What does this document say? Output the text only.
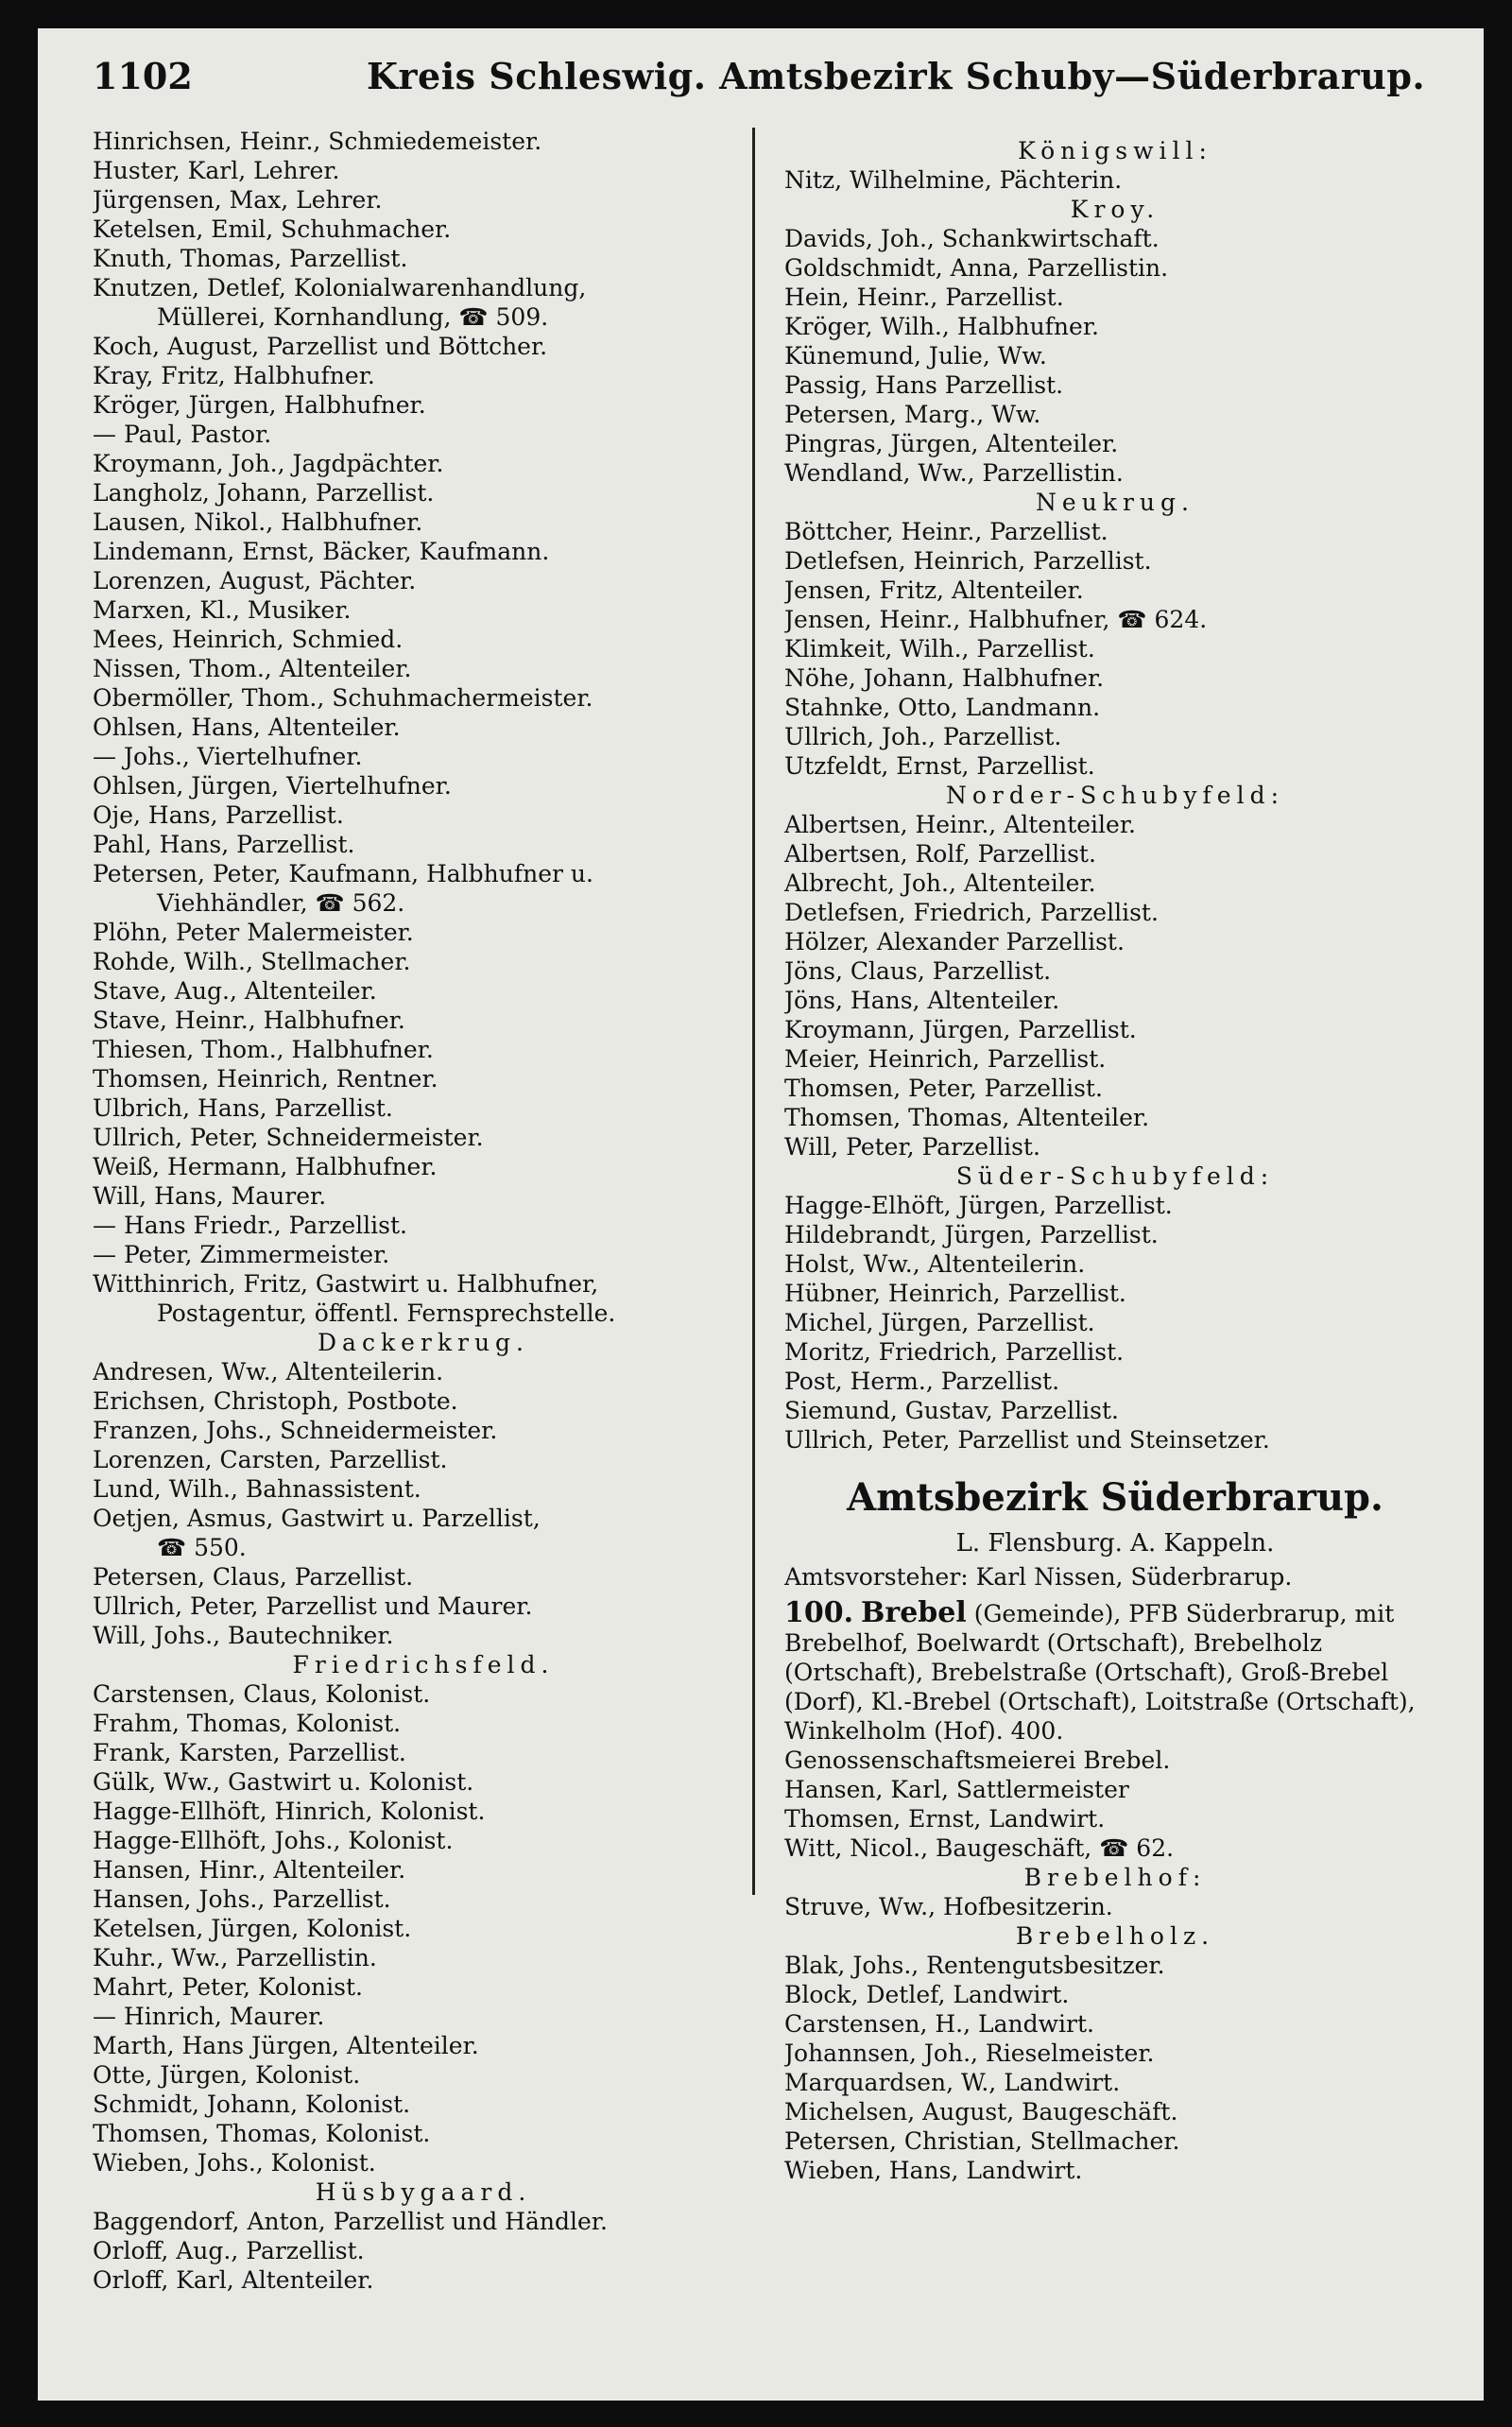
1102	Kreis Schleswig. Amtsbezirk Schuby—Süderbrarup.
Hinrichsen, Heinr., Schmiedemeister.
Huster, Karl, Lehrer.
Jürgensen, Max, Lehrer.
Ketelsen, Emil, Schuhmacher.
Knuth, Thomas, Parzellist.
Knutzen, Detlef, Kolonialwarenhandlung,
Müllerei, Kornhandlung, ☎ 509.
Koch, August, Parzellist und Böttcher.
Kray, Fritz, Halbhufner.
Kröger, Jürgen, Halbhufner.
— Paul, Pastor.
Kroymann, Joh., Jagdpächter.
Langholz, Johann, Parzellist.
Lausen, Nikol., Halbhufner.
Lindemann, Ernst, Bäcker, Kaufmann.
Lorenzen, August, Pächter.
Marxen, Kl., Musiker.
Mees, Heinrich, Schmied.
Nissen, Thom., Altenteiler.
Obermöller, Thom., Schuhmachermeister.
Ohlsen, Hans, Altenteiler.
— Johs., Viertelhufner.
Ohlsen, Jürgen, Viertelhufner.
Oje, Hans, Parzellist.
Pahl, Hans, Parzellist.
Petersen, Peter, Kaufmann, Halbhufner u.
Viehhändler, ☎ 562.
Plöhn, Peter Malermeister.
Rohde, Wilh., Stellmacher.
Stave, Aug., Altenteiler.
Stave, Heinr., Halbhufner.
Thiesen, Thom., Halbhufner.
Thomsen, Heinrich, Rentner.
Ulbrich, Hans, Parzellist.
Ullrich, Peter, Schneidermeister.
Weiß, Hermann, Halbhufner.
Will, Hans, Maurer.
— Hans Friedr., Parzellist.
— Peter, Zimmermeister.
Witthinrich, Fritz, Gastwirt u. Halbhufner,
Postagentur, öffentl. Fernsprechstelle.
Dackerkrug.
Andresen, Ww., Altenteilerin.
Erichsen, Christoph, Postbote.
Franzen, Johs., Schneidermeister.
Lorenzen, Carsten, Parzellist.
Lund, Wilh., Bahnassistent.
Oetjen, Asmus, Gastwirt u. Parzellist,
☎ 550.
Petersen, Claus, Parzellist.
Ullrich, Peter, Parzellist und Maurer.
Will, Johs., Bautechniker.
Friedrichsfeld.
Carstensen, Claus, Kolonist.
Frahm, Thomas, Kolonist.
Frank, Karsten, Parzellist.
Gülk, Ww., Gastwirt u. Kolonist.
Hagge-Ellhöft, Hinrich, Kolonist.
Hagge-Ellhöft, Johs., Kolonist.
Hansen, Hinr., Altenteiler.
Hansen, Johs., Parzellist.
Ketelsen, Jürgen, Kolonist.
Kuhr., Ww., Parzellistin.
Mahrt, Peter, Kolonist.
— Hinrich, Maurer.
Marth, Hans Jürgen, Altenteiler.
Otte, Jürgen, Kolonist.
Schmidt, Johann, Kolonist.
Thomsen, Thomas, Kolonist.
Wieben, Johs., Kolonist.
Hüsbygaard.
Baggendorf, Anton, Parzellist und Händler.
Orloff, Aug., Parzellist.
Orloff, Karl, Altenteiler.
Königswill:
Nitz, Wilhelmine, Pächterin.
Kroy.
Davids, Joh., Schankwirtschaft.
Goldschmidt, Anna, Parzellistin.
Hein, Heinr., Parzellist.
Kröger, Wilh., Halbhufner.
Künemund, Julie, Ww.
Passig, Hans Parzellist.
Petersen, Marg., Ww.
Pingras, Jürgen, Altenteiler.
Wendland, Ww., Parzellistin.
Neukrug.
Böttcher, Heinr., Parzellist.
Detlefsen, Heinrich, Parzellist.
Jensen, Fritz, Altenteiler.
Jensen, Heinr., Halbhufner, ☎ 624.
Klimkeit, Wilh., Parzellist.
Nöhe, Johann, Halbhufner.
Stahnke, Otto, Landmann.
Ullrich, Joh., Parzellist.
Utzfeldt, Ernst, Parzellist.
Norder-Schubyfeld:
Albertsen, Heinr., Altenteiler.
Albertsen, Rolf, Parzellist.
Albrecht, Joh., Altenteiler.
Detlefsen, Friedrich, Parzellist.
Hölzer, Alexander Parzellist.
Jöns, Claus, Parzellist.
Jöns, Hans, Altenteiler.
Kroymann, Jürgen, Parzellist.
Meier, Heinrich, Parzellist.
Thomsen, Peter, Parzellist.
Thomsen, Thomas, Altenteiler.
Will, Peter, Parzellist.
Süder-Schubyfeld:
Hagge-Elhöft, Jürgen, Parzellist.
Hildebrandt, Jürgen, Parzellist.
Holst, Ww., Altenteilerin.
Hübner, Heinrich, Parzellist.
Michel, Jürgen, Parzellist.
Moritz, Friedrich, Parzellist.
Post, Herm., Parzellist.
Siemund, Gustav, Parzellist.
Ullrich, Peter, Parzellist und Steinsetzer.
Amtsbezirk Süderbrarup.
L. Flensburg. A. Kappeln.
Amtsvorsteher: Karl Nissen, Süderbrarup.
100. Brebel (Gemeinde), PFB Süderbrarup, mit Brebelhof, Boelwardt (Ortschaft), Brebelholz (Ortschaft), Brebelstraße (Ortschaft), Groß-Brebel (Dorf), Kl.-Brebel (Ortschaft), Loitstraße (Ortschaft), Winkelholm (Hof). 400.
Genossenschaftsmeierei Brebel.
Hansen, Karl, Sattlermeister
Thomsen, Ernst, Landwirt.
Witt, Nicol., Baugeschäft, ☎ 62.
Brebelhof:
Struve, Ww., Hofbesitzerin.
Brebelholz.
Blak, Johs., Rentengutsbesitzer.
Block, Detlef, Landwirt.
Carstensen, H., Landwirt.
Johannsen, Joh., Rieselmeister.
Marquardsen, W., Landwirt.
Michelsen, August, Baugeschäft.
Petersen, Christian, Stellmacher.
Wieben, Hans, Landwirt.
